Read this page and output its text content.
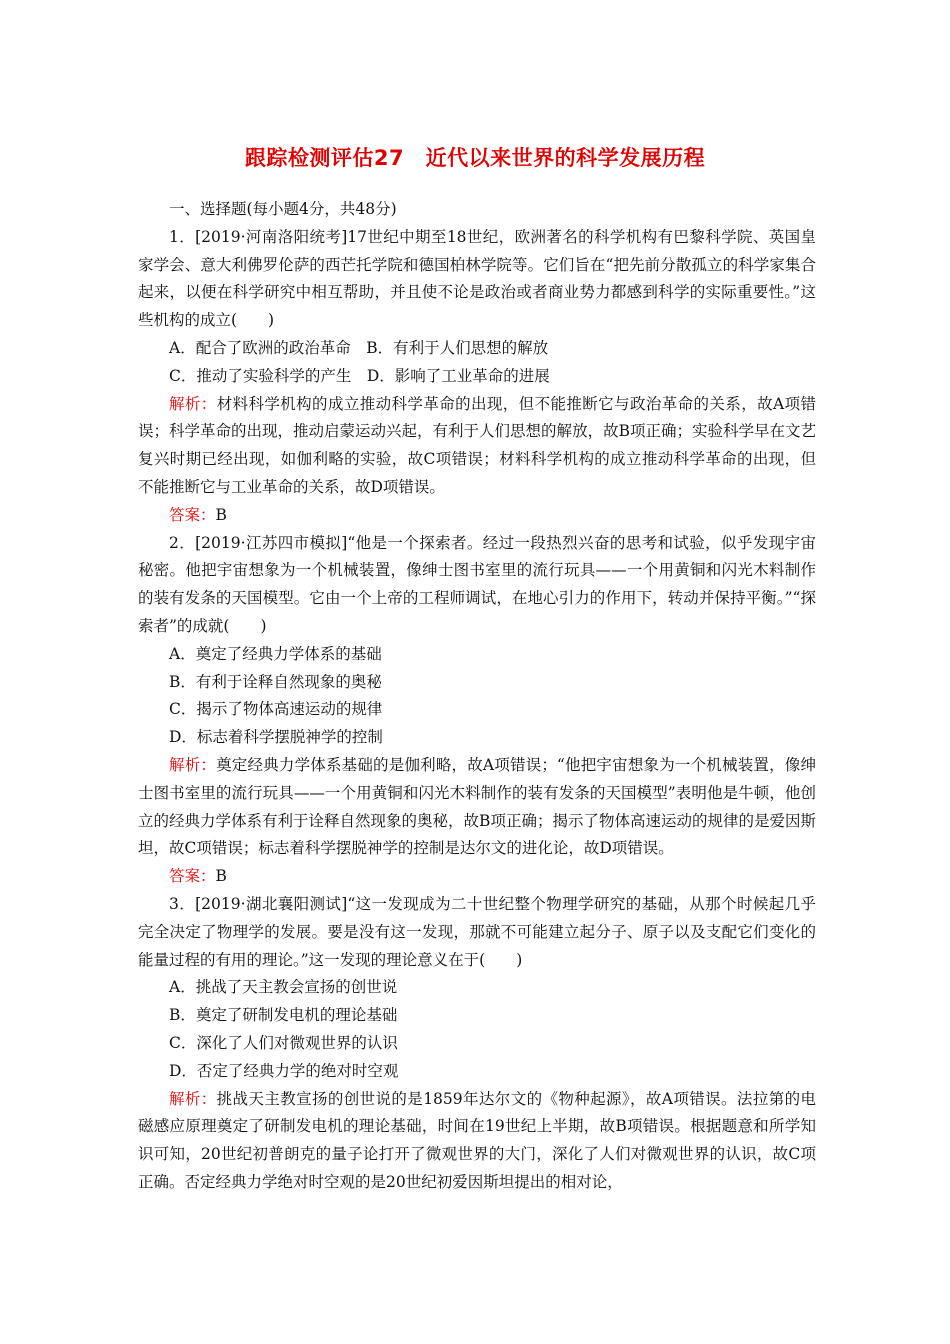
跟踪检测评估27　近代以来世界的科学发展历程

一、选择题(每小题4分，共48分)

1．[2019·河南洛阳统考]17世纪中期至18世纪，欧洲著名的科学机构有巴黎科学院、英国皇家学会、意大利佛罗伦萨的西芒托学院和德国柏林学院等。它们旨在“把先前分散孤立的科学家集合起来，以便在科学研究中相互帮助，并且使不论是政治或者商业势力都感到科学的实际重要性。”这些机构的成立(　　)

A．配合了欧洲的政治革命　B．有利于人们思想的解放

C．推动了实验科学的产生　D．影响了工业革命的进展

解析：材料科学机构的成立推动科学革命的出现，但不能推断它与政治革命的关系，故A项错误；科学革命的出现，推动启蒙运动兴起，有利于人们思想的解放，故B项正确；实验科学早在文艺复兴时期已经出现，如伽利略的实验，故C项错误；材料科学机构的成立推动科学革命的出现，但不能推断它与工业革命的关系，故D项错误。

答案：B

2．[2019·江苏四市模拟]“他是一个探索者。经过一段热烈兴奋的思考和试验，似乎发现宇宙秘密。他把宇宙想象为一个机械装置，像绅士图书室里的流行玩具——一个用黄铜和闪光木料制作的装有发条的天国模型。它由一个上帝的工程师调试，在地心引力的作用下，转动并保持平衡。”“探索者”的成就(　　)

A．奠定了经典力学体系的基础

B．有利于诠释自然现象的奥秘

C．揭示了物体高速运动的规律

D．标志着科学摆脱神学的控制

解析：奠定经典力学体系基础的是伽利略，故A项错误；“他把宇宙想象为一个机械装置，像绅士图书室里的流行玩具——一个用黄铜和闪光木料制作的装有发条的天国模型”表明他是牛顿，他创立的经典力学体系有利于诠释自然现象的奥秘，故B项正确；揭示了物体高速运动的规律的是爱因斯坦，故C项错误；标志着科学摆脱神学的控制是达尔文的进化论，故D项错误。

答案：B

3．[2019·湖北襄阳测试]“这一发现成为二十世纪整个物理学研究的基础，从那个时候起几乎完全决定了物理学的发展。要是没有这一发现，那就不可能建立起分子、原子以及支配它们变化的能量过程的有用的理论。”这一发现的理论意义在于(　　)

A．挑战了天主教会宣扬的创世说

B．奠定了研制发电机的理论基础

C．深化了人们对微观世界的认识

D．否定了经典力学的绝对时空观

解析：挑战天主教宣扬的创世说的是1859年达尔文的《物种起源》，故A项错误。法拉第的电磁感应原理奠定了研制发电机的理论基础，时间在19世纪上半期，故B项错误。根据题意和所学知识可知，20世纪初普朗克的量子论打开了微观世界的大门，深化了人们对微观世界的认识，故C项正确。否定经典力学绝对时空观的是20世纪初爱因斯坦提出的相对论，
